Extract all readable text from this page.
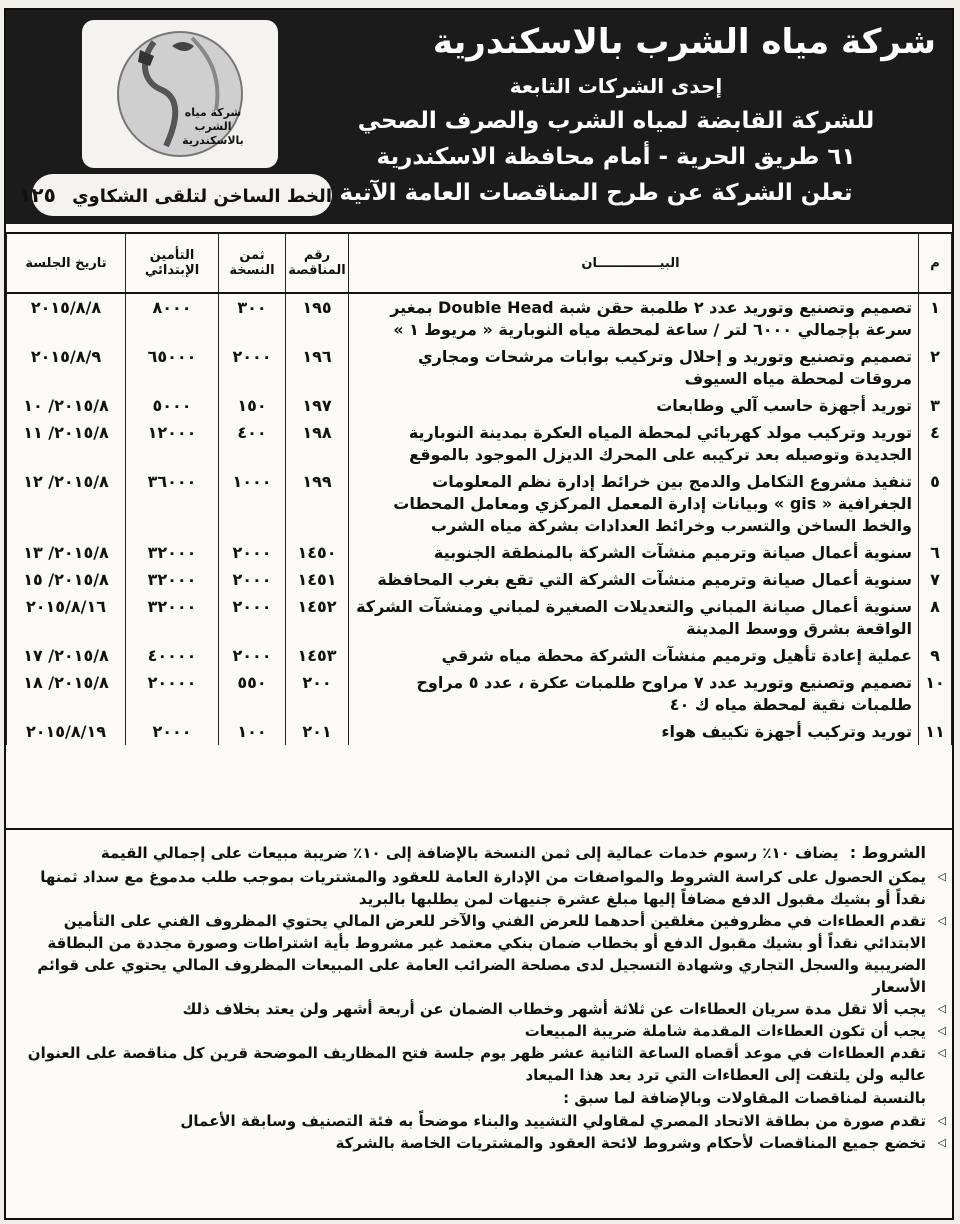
شركة مياه الشرب
بالاسكندرية
الخط الساخن لتلقى الشكاوي ١٢٥
شركة مياه الشرب بالاسكندرية
إحدى الشركات التابعة
للشركة القابضة لمياه الشرب والصرف الصحي
٦١ طريق الحرية - أمام محافظة الاسكندرية
تعلن الشركة عن طرح المناقصات العامة الآتية
م	البيــــــــــــــان	رقم المناقصة	ثمن النسخة	التأمين الإبتدائي	تاريخ الجلسة
١	تصميم وتصنيع وتوريد عدد ٢ طلمبة حقن شبة Double Head بمغير سرعة بإجمالي ٦٠٠٠ لتر / ساعة لمحطة مياه النوبارية « مريوط ١ »	١٩٥	٣٠٠	٨٠٠٠	٢٠١٥/٨/٨
٢	تصميم وتصنيع وتوريد و إحلال وتركيب بوابات مرشحات ومجاري مروقات لمحطة مياه السيوف	١٩٦	٢٠٠٠	٦٥٠٠٠	٢٠١٥/٨/٩
٣	توريد أجهزة حاسب آلي وطابعات	١٩٧	١٥٠	٥٠٠٠	٢٠١٥/٨/ ١٠
٤	توريد وتركيب مولد كهربائي لمحطة المياه العكرة بمدينة النوبارية الجديدة وتوصيله بعد تركيبه على المحرك الديزل الموجود بالموقع	١٩٨	٤٠٠	١٢٠٠٠	٢٠١٥/٨/ ١١
٥	تنفيذ مشروع التكامل والدمج بين خرائط إدارة نظم المعلومات الجغرافية « gis » وبيانات إدارة المعمل المركزي ومعامل المحطات والخط الساخن والتسرب وخرائط العدادات بشركة مياه الشرب	١٩٩	١٠٠٠	٣٦٠٠٠	٢٠١٥/٨/ ١٢
٦	سنوية أعمال صيانة وترميم منشآت الشركة بالمنطقة الجنوبية	١٤٥٠	٢٠٠٠	٣٢٠٠٠	٢٠١٥/٨/ ١٣
٧	سنوية أعمال صيانة وترميم منشآت الشركة التي تقع بغرب المحافظة	١٤٥١	٢٠٠٠	٣٢٠٠٠	٢٠١٥/٨/ ١٥
٨	سنوية أعمال صيانة المباني والتعديلات الصغيرة لمباني ومنشآت الشركة الواقعة بشرق ووسط المدينة	١٤٥٢	٢٠٠٠	٣٢٠٠٠	٢٠١٥/٨/١٦
٩	عملية إعادة تأهيل وترميم منشآت الشركة محطة مياه شرقي	١٤٥٣	٢٠٠٠	٤٠٠٠٠	٢٠١٥/٨/ ١٧
١٠	تصميم وتصنيع وتوريد عدد ٧ مراوح طلمبات عكرة ، عدد ٥ مراوح طلمبات نقية لمحطة مياه ك ٤٠	٢٠٠	٥٥٠	٢٠٠٠٠	٢٠١٥/٨/ ١٨
١١	توريد وتركيب أجهزة تكييف هواء	٢٠١	١٠٠	٢٠٠٠	٢٠١٥/٨/١٩
الشروط : يضاف ١٠٪ رسوم خدمات عمالية إلى ثمن النسخة بالإضافة إلى ١٠٪ ضريبة مبيعات على إجمالي القيمة
◁
يمكن الحصول على كراسة الشروط والمواصفات من الإدارة العامة للعقود والمشتريات بموجب طلب مدموغ مع سداد ثمنها نقداً أو بشيك مقبول الدفع مضافاً إليها مبلغ عشرة جنيهات لمن يطلبها بالبريد
◁
تقدم العطاءات في مظروفين مغلقين أحدهما للعرض الفني والآخر للعرض المالي يحتوي المظروف الفني على التأمين الابتدائي نقداً أو بشيك مقبول الدفع أو بخطاب ضمان بنكي معتمد غير مشروط بأية اشتراطات وصورة مجددة من البطاقة الضريبية والسجل التجاري وشهادة التسجيل لدى مصلحة الضرائب العامة على المبيعات المظروف المالي يحتوي على قوائم الأسعار
◁
يجب ألا تقل مدة سريان العطاءات عن ثلاثة أشهر وخطاب الضمان عن أربعة أشهر ولن يعتد بخلاف ذلك
◁
يجب أن تكون العطاءات المقدمة شاملة ضريبة المبيعات
◁
تقدم العطاءات في موعد أقصاه الساعة الثانية عشر ظهر يوم جلسة فتح المظاريف الموضحة قرين كل مناقصة على العنوان عاليه ولن يلتفت إلى العطاءات التي ترد بعد هذا الميعاد
بالنسبة لمناقصات المقاولات وبالإضافة لما سبق :
◁
تقدم صورة من بطاقة الاتحاد المصري لمقاولي التشييد والبناء موضحاً به فئة التصنيف وسابقة الأعمال
◁
تخضع جميع المناقصات لأحكام وشروط لائحة العقود والمشتريات الخاصة بالشركة
